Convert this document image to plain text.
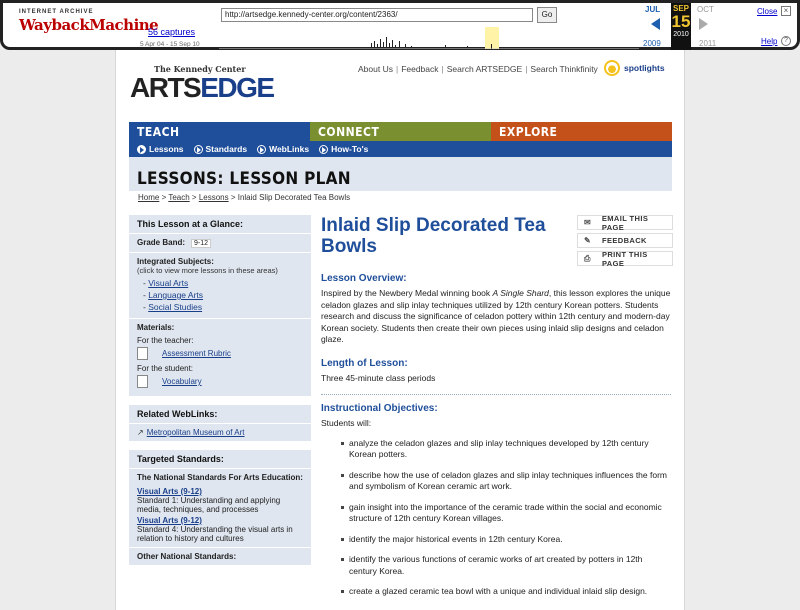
INTERNET ARCHIVE
WaybackMachine
http://artsedge.kennedy-center.org/content/2363/	Go
56 captures
5 Apr 04 - 15 Sep 10
JUL SEP
15
2010
OCT
2009	2011
Close ×
Help ?
The Kennedy Center
ARTSEDGE
About Us | Feedback | Search ARTSEDGE | Search Thinkfinity	spotlights
TEACH	CONNECT	EXPLORE
Lessons	Standards	WebLinks	How-To's
LESSONS: LESSON PLAN
Home > Teach > Lessons > Inlaid Slip Decorated Tea Bowls
This Lesson at a Glance:
Grade Band: 9-12
Integrated Subjects:
(click to view more lessons in these areas)
- Visual Arts
- Language Arts
- Social Studies
Materials:
For the teacher:
Assessment Rubric
For the student:
Vocabulary
Related WebLinks:
↗ Metropolitan Museum of Art
Targeted Standards:
The National Standards For Arts Education:
Visual Arts (9-12)
Standard 1: Understanding and applying media, techniques, and processes
Visual Arts (9-12)
Standard 4: Understanding the visual arts in relation to history and cultures
Other National Standards:
Inlaid Slip Decorated Tea Bowls
✉	EMAIL THIS PAGE
✎	FEEDBACK
⎙	PRINT THIS PAGE
Lesson Overview:
Inspired by the Newbery Medal winning book A Single Shard, this lesson explores the unique celadon glazes and slip inlay techniques utilized by 12th century Korean potters. Students research and discuss the significance of celadon pottery within 12th century and modern-day Korean society. Students then create their own pieces using inlaid slip designs and celadon glaze.
Length of Lesson:
Three 45-minute class periods
Instructional Objectives:
Students will:
analyze the celadon glazes and slip inlay techniques developed by 12th century Korean potters.
describe how the use of celadon glazes and slip inlay techniques influences the form and symbolism of Korean ceramic art work.
gain insight into the importance of the ceramic trade within the social and economic structure of 12th century Korean villages.
identify the major historical events in 12th century Korea.
identify the various functions of ceramic works of art created by potters in 12th century Korea.
create a glazed ceramic tea bowl with a unique and individual inlaid slip design.
